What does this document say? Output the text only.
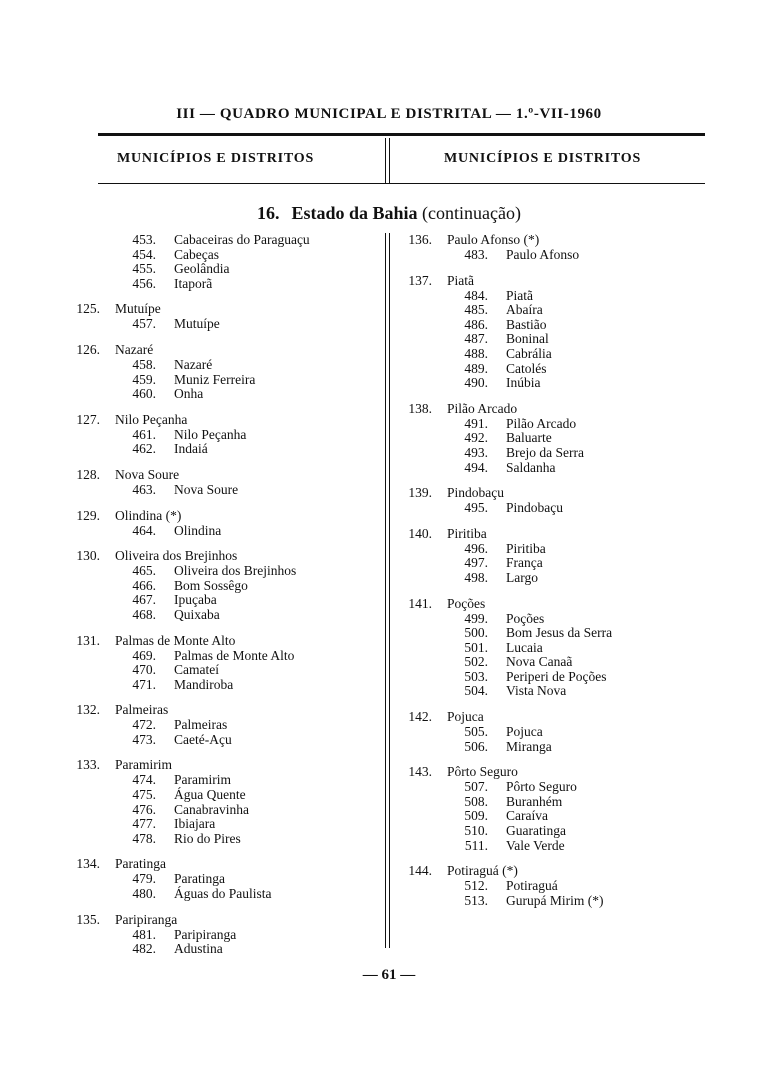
III — QUADRO MUNICIPAL E DISTRITAL — 1.º-VII-1960
MUNICÍPIOS E DISTRITOS	MUNICÍPIOS E DISTRITOS
16. Estado da Bahia (continuação)
453. Cabaceiras do Paraguaçu
454. Cabeças
455. Geolândia
456. Itaporã
125. Mutuípe
457. Mutuípe
126. Nazaré
458. Nazaré
459. Muniz Ferreira
460. Onha
127. Nilo Peçanha
461. Nilo Peçanha
462. Indaiá
128. Nova Soure
463. Nova Soure
129. Olindina (*)
464. Olindina
130. Oliveira dos Brejinhos
465. Oliveira dos Brejinhos
466. Bom Sossêgo
467. Ipuçaba
468. Quixaba
131. Palmas de Monte Alto
469. Palmas de Monte Alto
470. Camateí
471. Mandiroba
132. Palmeiras
472. Palmeiras
473. Caeté-Açu
133. Paramirim
474. Paramirim
475. Água Quente
476. Canabravinha
477. Ibiajara
478. Rio do Pires
134. Paratinga
479. Paratinga
480. Águas do Paulista
135. Paripiranga
481. Paripiranga
482. Adustina
136. Paulo Afonso (*)
483. Paulo Afonso
137. Piatã
484. Piatã
485. Abaíra
486. Bastião
487. Boninal
488. Cabrália
489. Catolés
490. Inúbia
138. Pilão Arcado
491. Pilão Arcado
492. Baluarte
493. Brejo da Serra
494. Saldanha
139. Pindobaçu
495. Pindobaçu
140. Piritiba
496. Piritiba
497. França
498. Largo
141. Poções
499. Poções
500. Bom Jesus da Serra
501. Lucaia
502. Nova Canaã
503. Periperi de Poções
504. Vista Nova
142. Pojuca
505. Pojuca
506. Miranga
143. Pôrto Seguro
507. Pôrto Seguro
508. Buranhém
509. Caraíva
510. Guaratinga
511. Vale Verde
144. Potiraguá (*)
512. Potiraguá
513. Gurupá Mirim (*)
— 61 —
